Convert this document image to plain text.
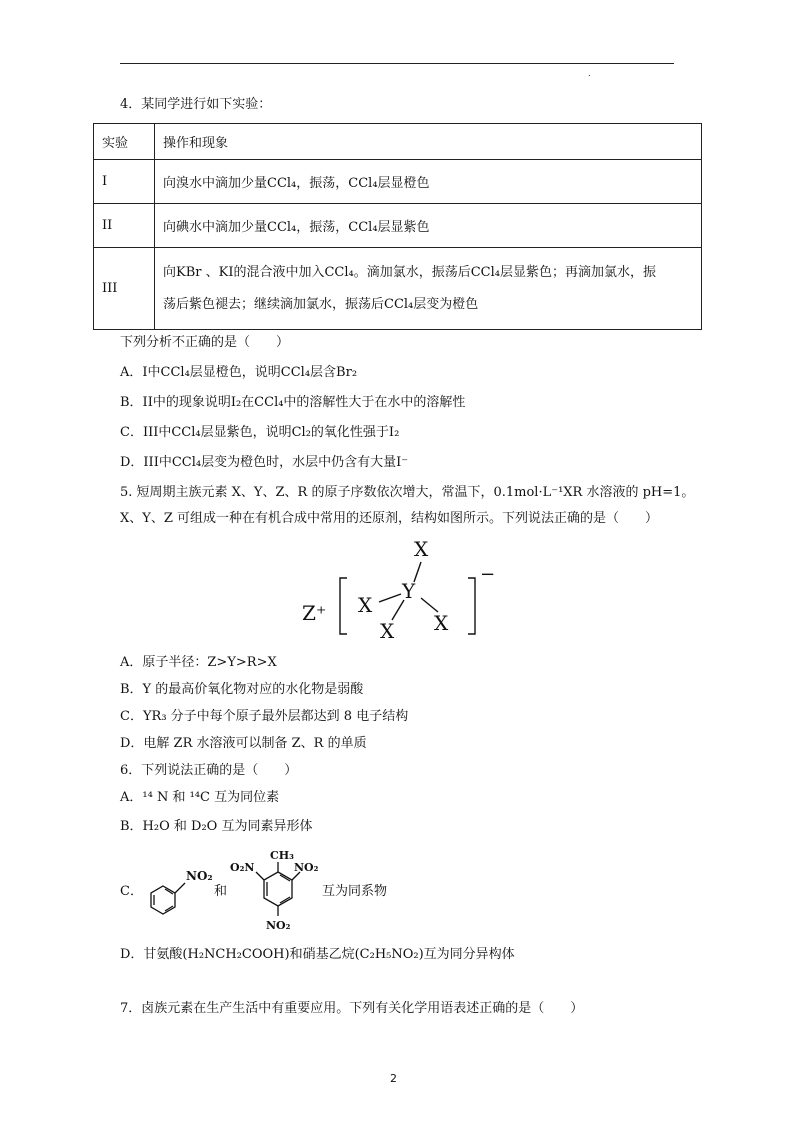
.
4．某同学进行如下实验：
实验	操作和现象
I	向溴水中滴加少量CCl₄，振荡，CCl₄层显橙色
II	向碘水中滴加少量CCl₄，振荡，CCl₄层显紫色
III	向KBr 、KI的混合液中加入CCl₄。滴加氯水，振荡后CCl₄层显紫色；再滴加氯水，振
荡后紫色褪去；继续滴加氯水，振荡后CCl₄层变为橙色
下列分析不正确的是（　　）
A．I中CCl₄层显橙色，说明CCl₄层含Br₂
B．II中的现象说明I₂在CCl₄中的溶解性大于在水中的溶解性
C．III中CCl₄层显紫色，说明Cl₂的氧化性强于I₂
D．III中CCl₄层变为橙色时，水层中仍含有大量I⁻
5. 短周期主族元素 X、Y、Z、R 的原子序数依次增大，常温下，0.1mol·L⁻¹XR 水溶液的 pH=1。
X、Y、Z 可组成一种在有机合成中常用的还原剂，结构如图所示。下列说法正确的是（　　）
Z⁺
X
Y
X
X X
−
A．原子半径：Z>Y>R>X
B．Y 的最高价氧化物对应的水化物是弱酸
C．YR₃ 分子中每个原子最外层都达到 8 电子结构
D．电解 ZR 水溶液可以制备 Z、R 的单质
6．下列说法正确的是（　　）
A．¹⁴ N 和 ¹⁴C 互为同位素
B．H₂O 和 D₂O 互为同素异形体
C．
NO₂
和
CH₃
O₂N	NO₂
NO₂
互为同系物
D．甘氨酸(H₂NCH₂COOH)和硝基乙烷(C₂H₅NO₂)互为同分异构体
7．卤族元素在生产生活中有重要应用。下列有关化学用语表述正确的是（　　）
2
